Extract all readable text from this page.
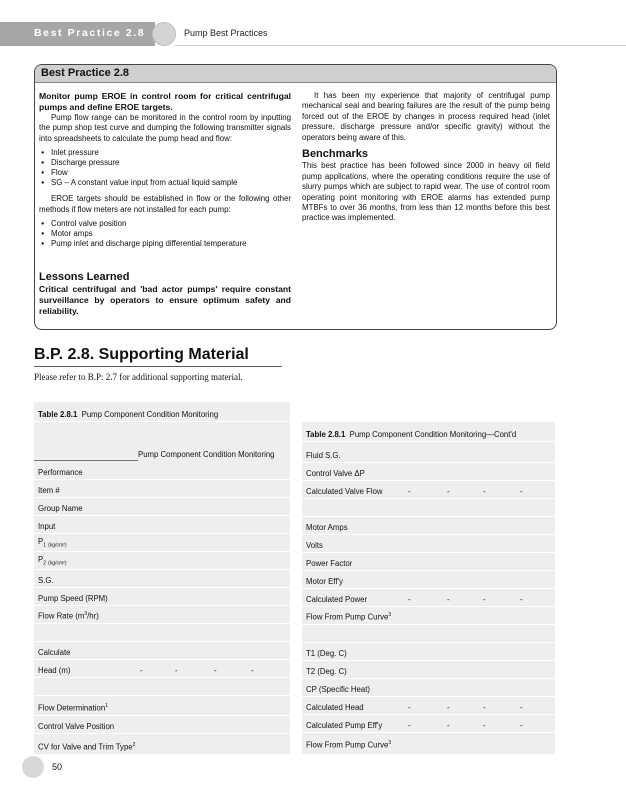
Best Practice 2.8	Pump Best Practices
Best Practice 2.8

Monitor pump EROE in control room for critical centrifugal pumps and define EROE targets.

Pump flow range can be monitored in the control room by inputting the pump shop test curve and dumping the following transmitter signals into spreadsheets to calculate the pump head and flow:

● Inlet pressure
● Discharge pressure
● Flow
● SG – A constant value input from actual liquid sample

EROE targets should be established in flow or the following other methods if flow meters are not installed for each pump:

● Control valve position
● Motor amps
● Pump inlet and discharge piping differential temperature
Lessons Learned

Critical centrifugal and 'bad actor pumps' require constant surveillance by operators to ensure optimum safety and reliability.

It has been my experience that majority of centrifugal pump mechanical seal and bearing failures are the result of the pump being forced out of the EROE by changes in process required head (inlet pressure, discharge pressure and/or specific gravity) without the operators being aware of this.

Benchmarks

This best practice has been followed since 2000 in heavy oil field pump applications, where the operating conditions require the use of slurry pumps which are subject to rapid wear. The use of control room operating point monitoring with EROE alarms has extended pump MTBFs to over 36 months, from less than 12 months before this best practice was implemented.

B.P. 2.8. Supporting Material
Please refer to B.P: 2.7 for additional supporting material.
Table 2.8.1 Pump Component Condition Monitoring
Pump Component Condition Monitoring
Performance
Item #
Group Name
Input
$P_1$ $_{(kg/cm^2)}$
$P_2$ $_{(kg/cm^2)}$
S.G.
Pump Speed (RPM)
Flow Rate $(m^3/hr)$
Calculate
Head (m)	-	-	-	-
Flow Determination$^1$
Control Valve Position
CV for Valve and Trim Type$^2$
Table 2.8.1 Pump Component Condition Monitoring—Cont'd
Fluid S.G.
Control Valve ΔP
Calculated Valve Flow	-	-	-	-
Motor Amps
Volts
Power Factor
Motor Eff'y
Calculated Power	-	-	-	-
Flow From Pump Curve$^3$
T1 (Deg. C)
T2 (Deg. C)
CP (Specific Heat)
Calculated Head	-	-	-	-
Calculated Pump Eff'y	-	-	-	-
Flow From Pump Curve$^3$
50
